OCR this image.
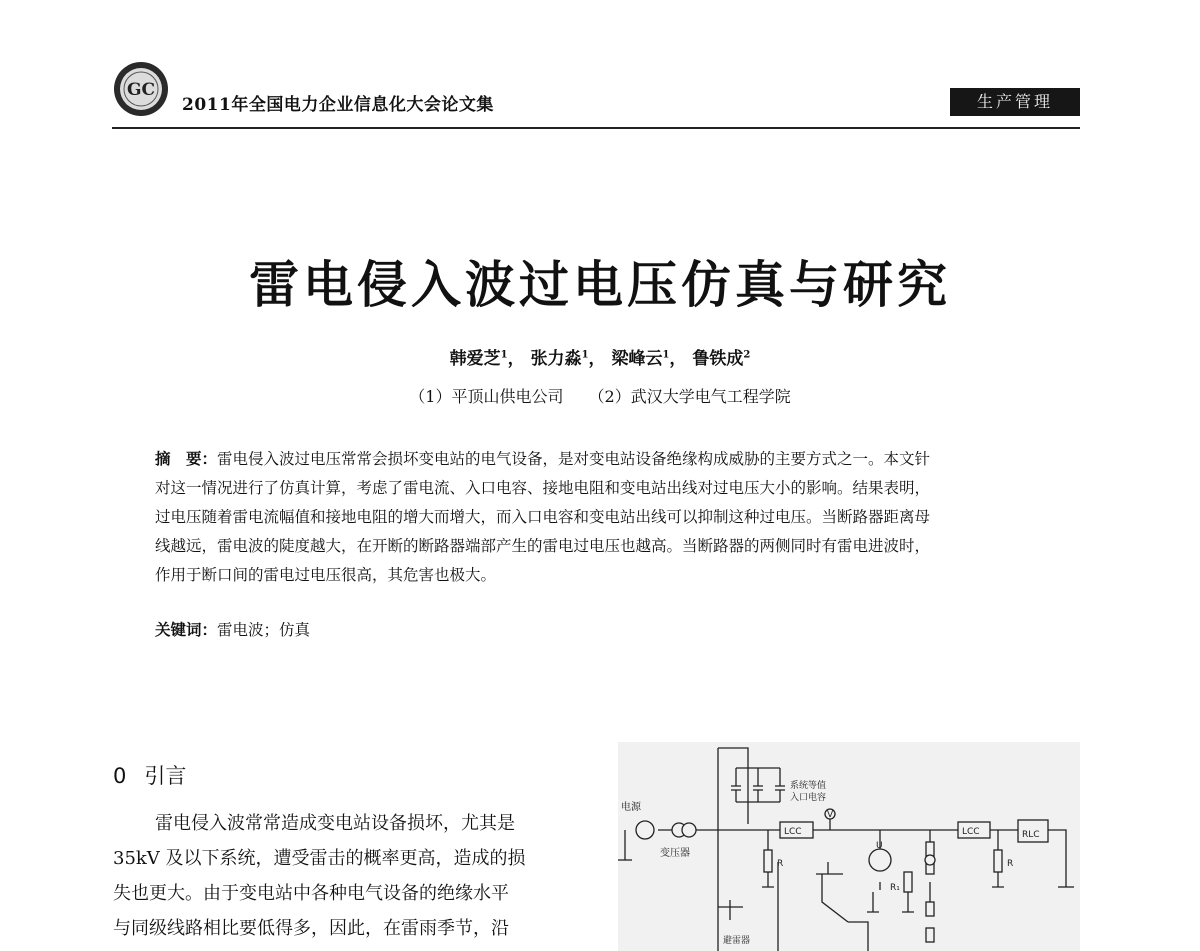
GC
2011年全国电力企业信息化大会论文集	生产管理
雷电侵入波过电压仿真与研究
韩爱芝$^1$， 张力淼$^1$， 梁峰云$^1$， 鲁铁成$^2$
（1）平顶山供电公司 （2）武汉大学电气工程学院
摘　要：雷电侵入波过电压常常会损坏变电站的电气设备，是对变电站设备绝缘构成威胁的主要方式之一。本文针
对这一情况进行了仿真计算，考虑了雷电流、入口电容、接地电阻和变电站出线对过电压大小的影响。结果表明，
过电压随着雷电流幅值和接地电阻的增大而增大，而入口电容和变电站出线可以抑制这种过电压。当断路器距离母
线越远，雷电波的陡度越大，在开断的断路器端部产生的雷电过电压也越高。当断路器的两侧同时有雷电进波时，
作用于断口间的雷电过电压很高，其危害也极大。
关键词：雷电波；仿真
0 引言
雷电侵入波常常造成变电站设备损坏，尤其是
35kV 及以下系统，遭受雷击的概率更高，造成的损
失也更大。由于变电站中各种电气设备的绝缘水平
与同级线路相比要低得多，因此，在雷雨季节，沿
电源
变压器
系统等值
入口电容
LCC	LCC	RLC
R	R
R₁
U
V
避雷器
